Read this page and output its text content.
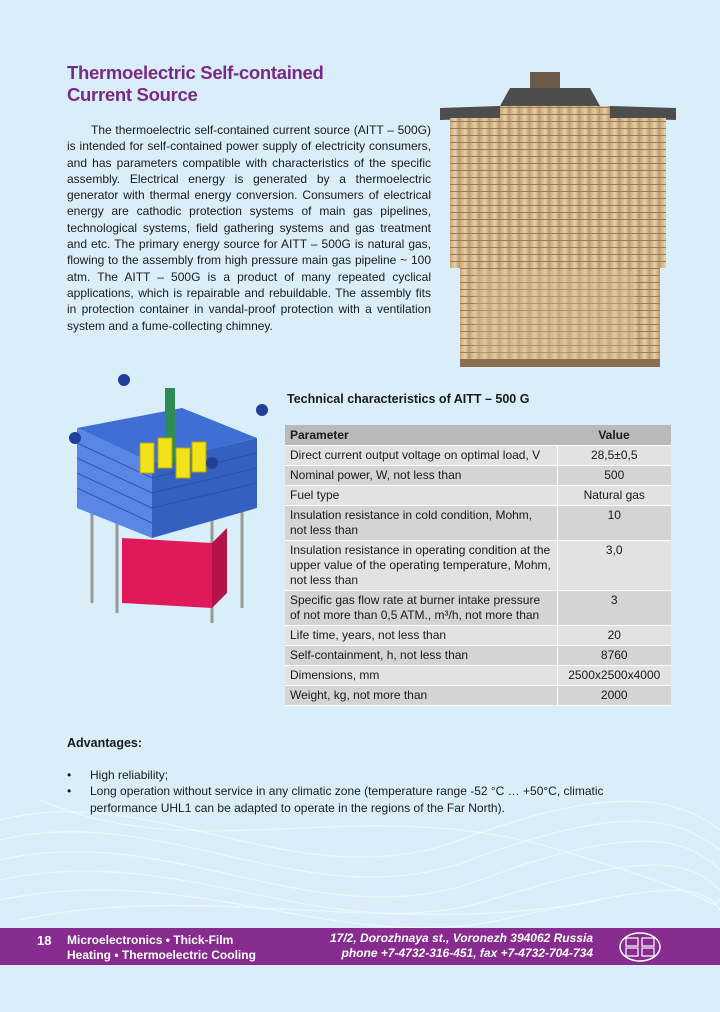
Thermoelectric Self-contained
Current Source

The thermoelectric self-contained current source (AITT – 500G) is intended for self-contained power supply of electricity consumers, and has parameters compatible with characteristics of the specific assembly. Electrical energy is generated by a thermoelectric generator with thermal energy conversion. Consumers of electrical energy are cathodic protection systems of main gas pipelines, technological systems, field gathering systems and gas treatment and etc. The primary energy source for AITT – 500G is natural gas, flowing to the assembly from high pressure main gas pipeline ~ 100 atm. The AITT – 500G is a product of many repeated cyclical applications, which is repairable and rebuildable. The assembly fits in protection container in vandal-proof protection with a ventilation system and a fume-collecting chimney.

Technical characteristics of AITT – 500 G
Parameter	Value
Direct current output voltage on optimal load, V	28,5±0,5
Nominal power, W, not less than	500
Fuel type	Natural gas
Insulation resistance in cold condition, Mohm, not less than	10
Insulation resistance in operating condition at the upper value of the operating temperature, Mohm, not less than	3,0
Specific gas flow rate at burner intake pressure of not more than 0,5 ATM., m³/h, not more than	3
Life time, years, not less than	20
Self-containment, h, not less than	8760
Dimensions, mm	2500x2500x4000
Weight, kg, not more than	2000
Advantages:
• High reliability;
• Long operation without service in any climatic zone (temperature range -52 °C … +50°C, climatic performance UHL1 can be adapted to operate in the regions of the Far North).
18 Microelectronics • Thick-Film
Heating • Thermoelectric Cooling
17/2, Dorozhnaya st., Voronezh 394062 Russia
phone +7-4732-316-451, fax +7-4732-704-734
